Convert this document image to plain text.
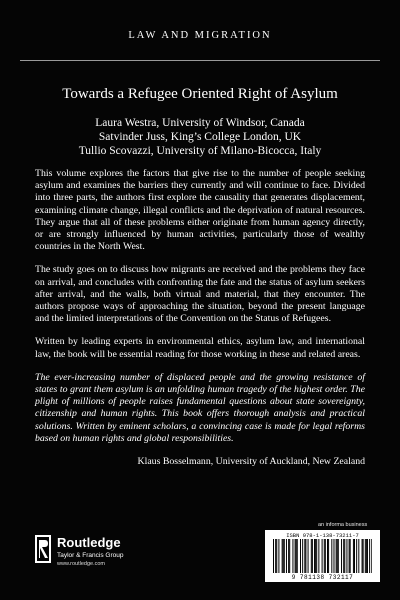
LAW AND MIGRATION
Towards a Refugee Oriented Right of Asylum
Laura Westra, University of Windsor, Canada
Satvinder Juss, King’s College London, UK
Tullio Scovazzi, University of Milano-Bicocca, Italy

This volume explores the factors that give rise to the number of people seeking asylum and examines the barriers they currently and will continue to face. Divided into three parts, the authors first explore the causality that generates displacement, examining climate change, illegal conflicts and the deprivation of natural resources. They argue that all of these problems either originate from human agency directly, or are strongly influenced by human activities, particularly those of wealthy countries in the North West.

The study goes on to discuss how migrants are received and the problems they face on arrival, and concludes with confronting the fate and the status of asylum seekers after arrival, and the walls, both virtual and material, that they encounter. The authors propose ways of approaching the situation, beyond the present language and the limited interpretations of the Convention on the Status of Refugees.

Written by leading experts in environmental ethics, asylum law, and international law, the book will be essential reading for those working in these and related areas.

The ever-increasing number of displaced people and the growing resistance of states to grant them asylum is an unfolding human tragedy of the highest order. The plight of millions of people raises fundamental questions about state sovereignty, citizenship and human rights. This book offers thorough analysis and practical solutions. Written by eminent scholars, a convincing case is made for legal reforms based on human rights and global responsibilities.

Klaus Bosselmann, University of Auckland, New Zealand
an informa business
Routledge
Taylor & Francis Group
www.routledge.com
ISBN 978-1-138-73211-7
9 781138 732117
